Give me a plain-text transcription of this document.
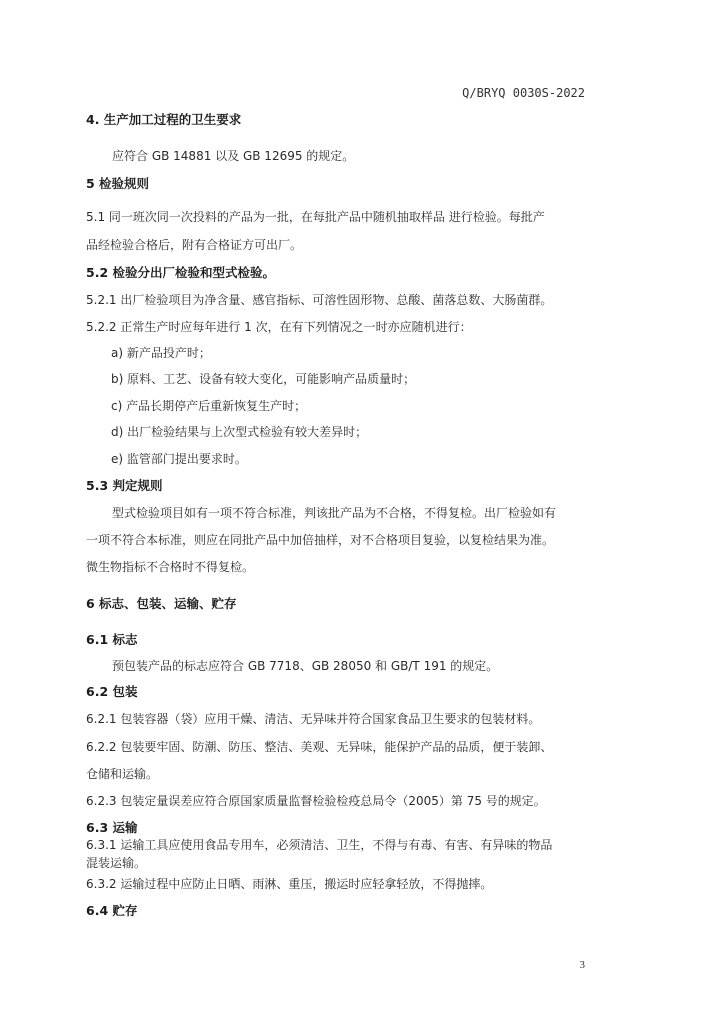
Q/BRYQ 0030S-2022
4. 生产加工过程的卫生要求
应符合 GB 14881 以及 GB 12695 的规定。
5 检验规则
5.1 同一班次同一次投料的产品为一批，在每批产品中随机抽取样品 进行检验。每批产
品经检验合格后，附有合格证方可出厂。
5.2 检验分出厂检验和型式检验。
5.2.1 出厂检验项目为净含量、感官指标、可溶性固形物、总酸、菌落总数、大肠菌群。
5.2.2 正常生产时应每年进行 1 次，在有下列情况之一时亦应随机进行：
a) 新产品投产时；
b) 原料、工艺、设备有较大变化，可能影响产品质量时；
c) 产品长期停产后重新恢复生产时；
d) 出厂检验结果与上次型式检验有较大差异时；
e) 监管部门提出要求时。
5.3 判定规则
型式检验项目如有一项不符合标准，判该批产品为不合格，不得复检。出厂检验如有
一项不符合本标准，则应在同批产品中加倍抽样，对不合格项目复验，以复检结果为准。
微生物指标不合格时不得复检。
6 标志、包装、运输、贮存
6.1 标志
预包装产品的标志应符合 GB 7718、GB 28050 和 GB/T 191 的规定。
6.2 包装
6.2.1 包装容器（袋）应用干燥、清洁、无异味并符合国家食品卫生要求的包装材料。
6.2.2 包装要牢固、防潮、防压、整洁、美观、无异味，能保护产品的品质，便于装卸、
仓储和运输。
6.2.3 包装定量误差应符合原国家质量监督检验检疫总局令（2005）第 75 号的规定。
6.3 运输
6.3.1 运输工具应使用食品专用车，必须清洁、卫生，不得与有毒、有害、有异味的物品
混装运输。
6.3.2 运输过程中应防止日晒、雨淋、重压，搬运时应轻拿轻放，不得抛摔。
6.4 贮存
3
